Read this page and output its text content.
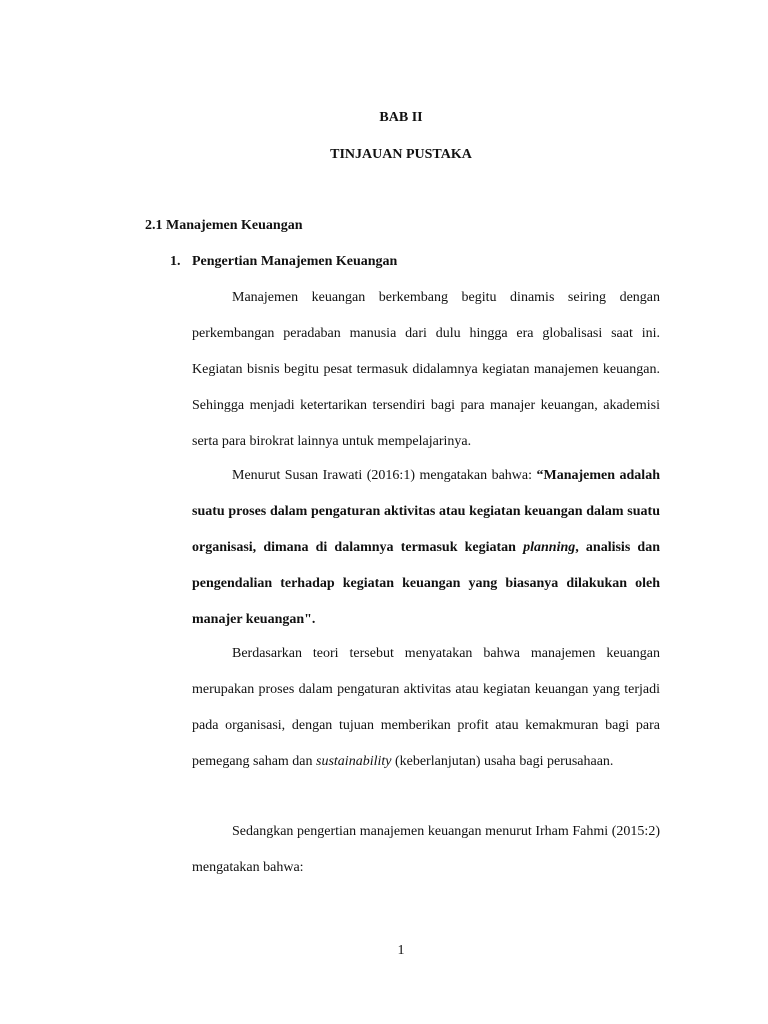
BAB II
TINJAUAN PUSTAKA
2.1 Manajemen Keuangan
1. Pengertian Manajemen Keuangan

Manajemen keuangan berkembang begitu dinamis seiring dengan perkembangan peradaban manusia dari dulu hingga era globalisasi saat ini. Kegiatan bisnis begitu pesat termasuk didalamnya kegiatan manajemen keuangan. Sehingga menjadi ketertarikan tersendiri bagi para manajer keuangan, akademisi serta para birokrat lainnya untuk mempelajarinya.

Menurut Susan Irawati (2016:1) mengatakan bahwa: “Manajemen adalah suatu proses dalam pengaturan aktivitas atau kegiatan keuangan dalam suatu organisasi, dimana di dalamnya termasuk kegiatan planning, analisis dan pengendalian terhadap kegiatan keuangan yang biasanya dilakukan oleh manajer keuangan".

Berdasarkan teori tersebut menyatakan bahwa manajemen keuangan merupakan proses dalam pengaturan aktivitas atau kegiatan keuangan yang terjadi pada organisasi, dengan tujuan memberikan profit atau kemakmuran bagi para pemegang saham dan sustainability (keberlanjutan) usaha bagi perusahaan.

Sedangkan pengertian manajemen keuangan menurut Irham Fahmi (2015:2) mengatakan bahwa:

1
